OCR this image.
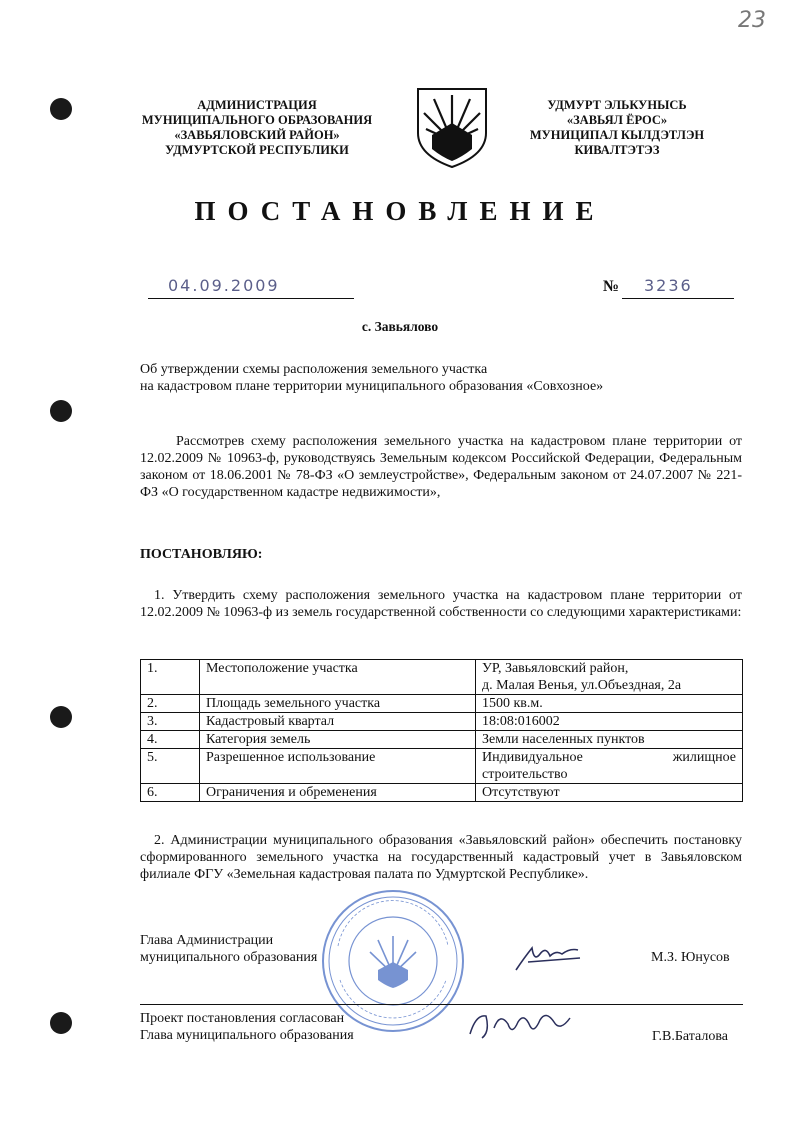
23
АДМИНИСТРАЦИЯ
МУНИЦИПАЛЬНОГО ОБРАЗОВАНИЯ
«ЗАВЬЯЛОВСКИЙ РАЙОН»
УДМУРТСКОЙ РЕСПУБЛИКИ
УДМУРТ ЭЛЬКУНЫСЬ
«ЗАВЬЯЛ ЁРОС»
МУНИЦИПАЛ КЫЛДЭТЛЭН
КИВАЛТЭТЭЗ
ПОСТАНОВЛЕНИЕ
04.09.2009	№ 3236
с. Завьялово
Об утверждении схемы расположения земельного участка
на кадастровом плане территории муниципального образования «Совхозное»
Рассмотрев схему расположения земельного участка на кадастровом плане территории от 12.02.2009 № 10963-ф, руководствуясь Земельным кодексом Российской Федерации, Федеральным законом от 18.06.2001 № 78-ФЗ «О землеустройстве», Федеральным законом от 24.07.2007 № 221-ФЗ «О государственном кадастре недвижимости»,
ПОСТАНОВЛЯЮ:
1. Утвердить схему расположения земельного участка на кадастровом плане территории от 12.02.2009 № 10963-ф из земель государственной собственности со следующими характеристиками:
1.	Местоположение участка	УР, Завьяловский район,
д. Малая Венья, ул.Объездная, 2а

2.	Площадь земельного участка	1500 кв.м.
3.	Кадастровый квартал	18:08:016002
4.	Категория земель	Земли населенных пунктов
5.	Разрешенное использование	Индивидуальное жилищное
строительство

6.	Ограничения и обременения	Отсутствуют
2. Администрации муниципального образования «Завьяловский район» обеспечить постановку сформированного земельного участка на государственный кадастровый учет в Завьяловском филиале ФГУ «Земельная кадастровая палата по Удмуртской Республике».
Глава Администрации
муниципального образования	М.З. Юнусов
Проект постановления согласован
Глава муниципального образования	Г.В.Баталова
